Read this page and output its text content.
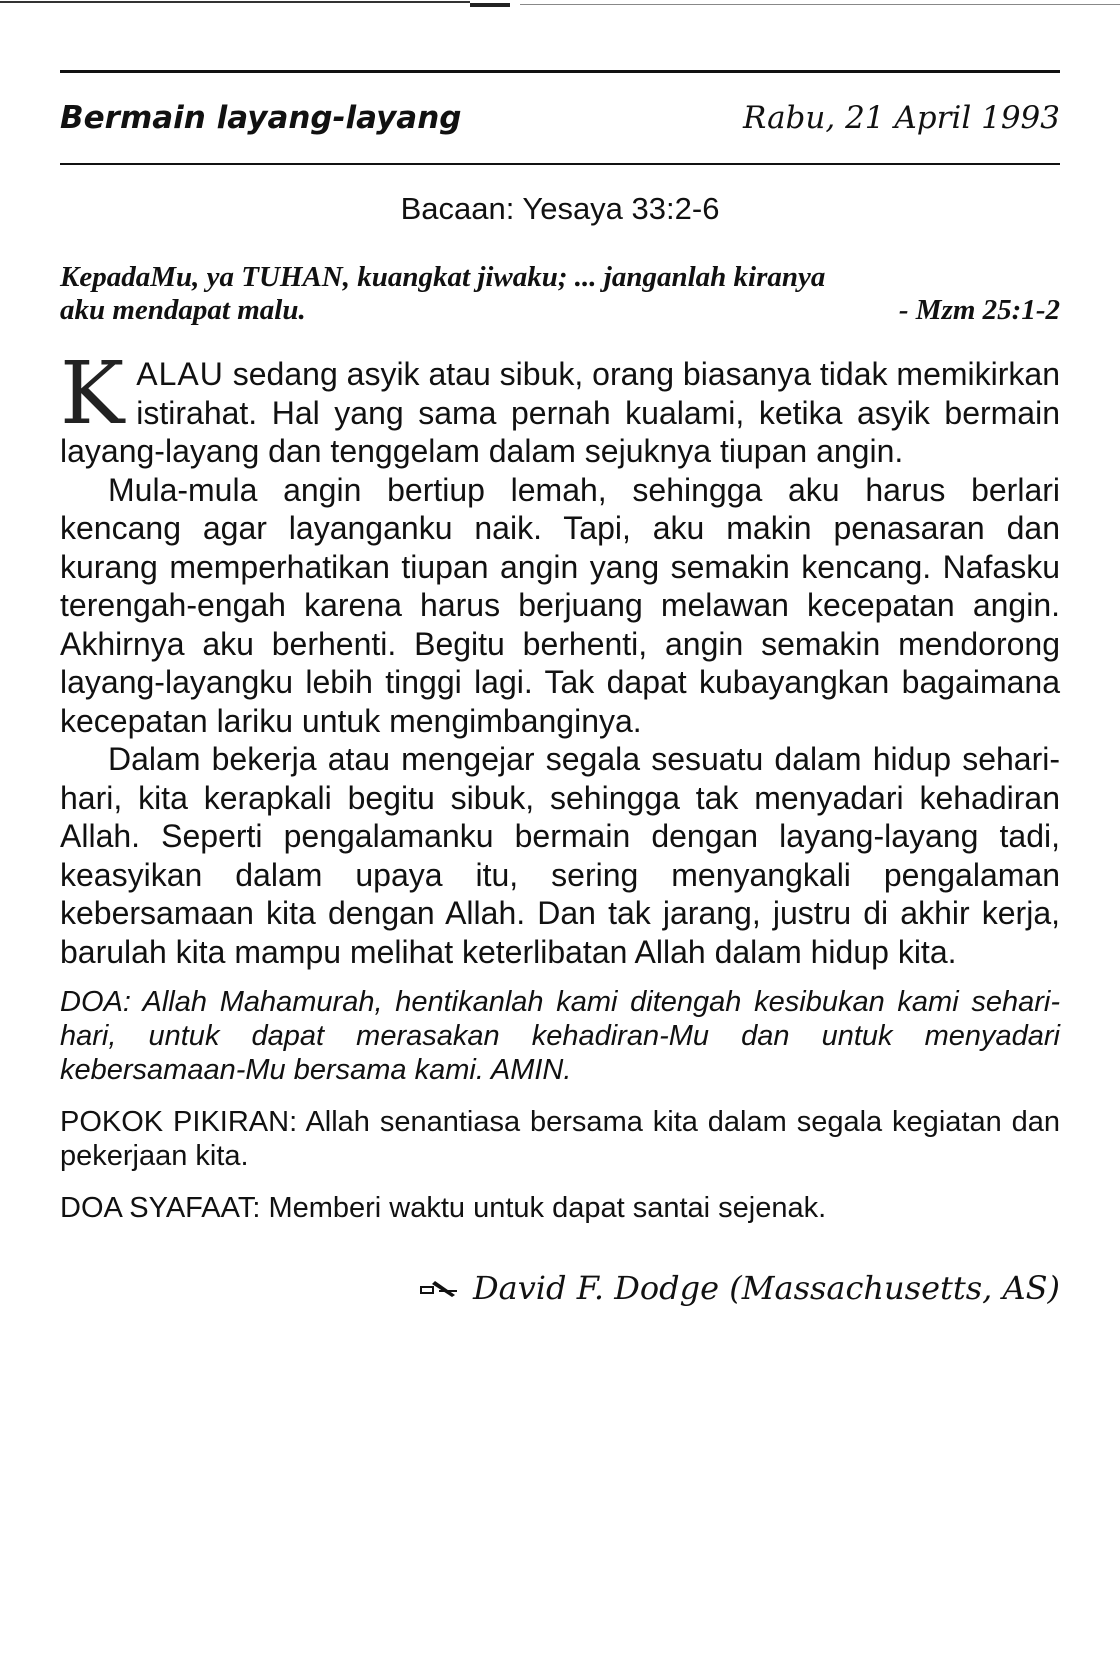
Bermain layang-layang	Rabu, 21 April 1993
Bacaan: Yesaya 33:2-6
KepadaMu, ya TUHAN, kuangkat jiwaku; ... janganlah kiranya
aku mendapat malu.	- Mzm 25:1-2

KALAU sedang asyik atau sibuk, orang biasanya tidak memikirkan istirahat. Hal yang sama pernah kualami, ketika asyik bermain layang-layang dan tenggelam dalam sejuknya tiupan angin.

Mula-mula angin bertiup lemah, sehingga aku harus berlari kencang agar layanganku naik. Tapi, aku makin penasaran dan kurang memperhatikan tiupan angin yang semakin kencang. Nafasku terengah-engah karena harus berjuang melawan kecepatan angin. Akhirnya aku berhenti. Begitu berhenti, angin semakin mendorong layang-layangku lebih tinggi lagi. Tak dapat kubayangkan bagaimana kecepatan lariku untuk mengimbanginya.

Dalam bekerja atau mengejar segala sesuatu dalam hidup sehari-hari, kita kerapkali begitu sibuk, sehingga tak menyadari kehadiran Allah. Seperti pengalamanku bermain dengan layang-layang tadi, keasyikan dalam upaya itu, sering menyangkali pengalaman kebersamaan kita dengan Allah. Dan tak jarang, justru di akhir kerja, barulah kita mampu melihat keterlibatan Allah dalam hidup kita.

DOA: Allah Mahamurah, hentikanlah kami ditengah kesibukan kami sehari-hari, untuk dapat merasakan kehadiran-Mu dan untuk menyadari kebersamaan-Mu bersama kami. AMIN.
POKOK PIKIRAN: Allah senantiasa bersama kita dalam segala kegiatan dan pekerjaan kita.
DOA SYAFAAT: Memberi waktu untuk dapat santai sejenak.
David F. Dodge (Massachusetts, AS)
